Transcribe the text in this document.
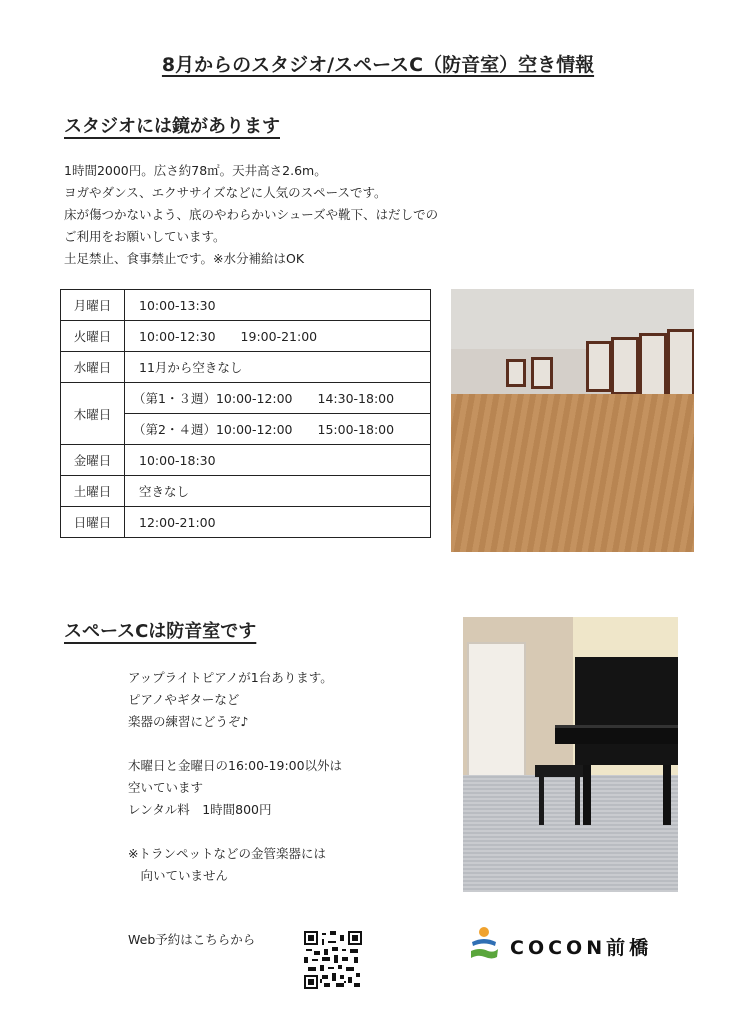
8月からのスタジオ/スペースC（防音室）空き情報
スタジオには鏡があります
1時間2000円。広さ約78㎡。天井高さ2.6m。
ヨガやダンス、エクササイズなどに人気のスペースです。
床が傷つかないよう、底のやわらかいシューズや靴下、はだしでの
ご利用をお願いしています。
土足禁止、食事禁止です。※水分補給はOK
月曜日	10:00-13:30
火曜日	10:00-12:30　　19:00-21:00
水曜日	11月から空きなし
木曜日	（第1・３週）10:00-12:00　　14:30-18:00
	（第2・４週）10:00-12:00　　15:00-18:00
金曜日	10:00-18:30
土曜日	空きなし
日曜日	12:00-21:00
スペースCは防音室です
アップライトピアノが1台あります。
ピアノやギターなど
楽器の練習にどうぞ♪

木曜日と金曜日の16:00-19:00以外は
空いています
レンタル料　1時間800円

※トランペットなどの金管楽器には
　向いていません
Web予約はこちらから	COCON前橋
